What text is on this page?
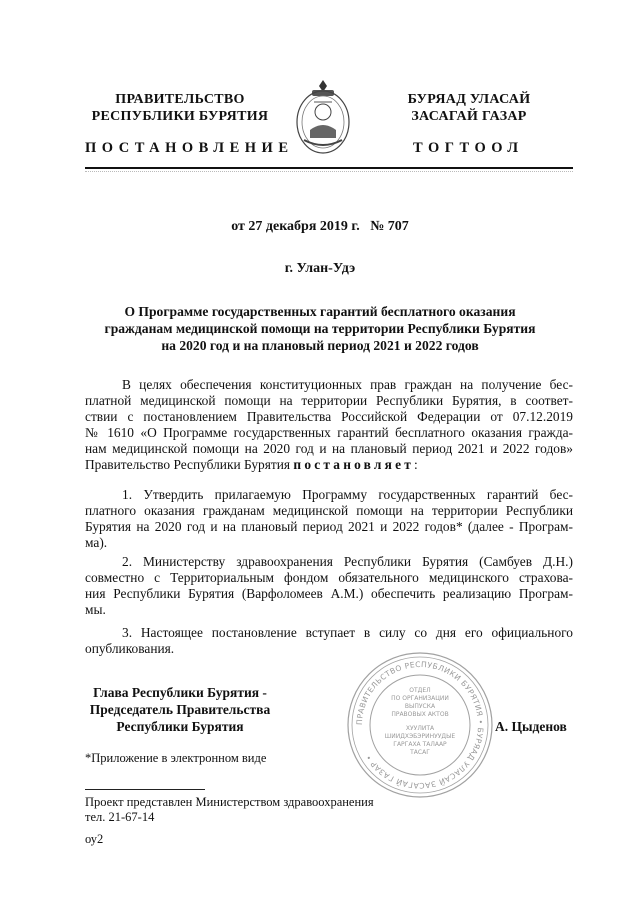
ПРАВИТЕЛЬСТВО
РЕСПУБЛИКИ БУРЯТИЯ
БУРЯАД УЛАСАЙ
ЗАСАГАЙ ГАЗАР
ПОСТАНОВЛЕНИЕ	ТОГТООЛ
от 27 декабря 2019 г.   № 707
г. Улан-Удэ
О Программе государственных гарантий бесплатного оказания
гражданам медицинской помощи на территории Республики Бурятия
на 2020 год и на плановый период 2021 и 2022 годов
В целях обеспечения конституционных прав граждан на получение бес-
платной медицинской помощи на территории Республики Бурятия, в соответ-
ствии с постановлением Правительства Российской Федерации от 07.12.2019
№ 1610 «О Программе государственных гарантий бесплатного оказания гражда-
нам медицинской помощи на 2020 год и на плановый период 2021 и 2022 годов»
Правительство Республики Бурятия постановляет:
1. Утвердить прилагаемую Программу государственных гарантий бес-
платного оказания гражданам медицинской помощи на территории Республики
Бурятия на 2020 год и на плановый период 2021 и 2022 годов* (далее - Програм-
ма).
2. Министерству здравоохранения Республики Бурятия (Самбуев Д.Н.)
совместно с Территориальным фондом обязательного медицинского страхова-
ния Республики Бурятия (Варфоломеев А.М.) обеспечить реализацию Програм-
мы.
3. Настоящее постановление вступает в силу со дня его официального
опубликования.
ПРАВИТЕЛЬСТВО РЕСПУБЛИКИ БУРЯТИЯ • БУРЯАД УЛАСАЙ ЗАСАГАЙ ГАЗАР •
ОТДЕЛ
ПО ОРГАНИЗАЦИИ
ВЫПУСКА
ПРАВОВЫХ АКТОВ
ХУУЛИТА
ШИИДХЭБЭРИНУУДЫЕ
ГАРГАХА ТАЛААР
ТАСАГ
Глава Республики Бурятия -
Председатель Правительства
Республики Бурятия	А. Цыденов
*Приложение в электронном виде
Проект представлен Министерством здравоохранения
тел. 21-67-14
оу2
